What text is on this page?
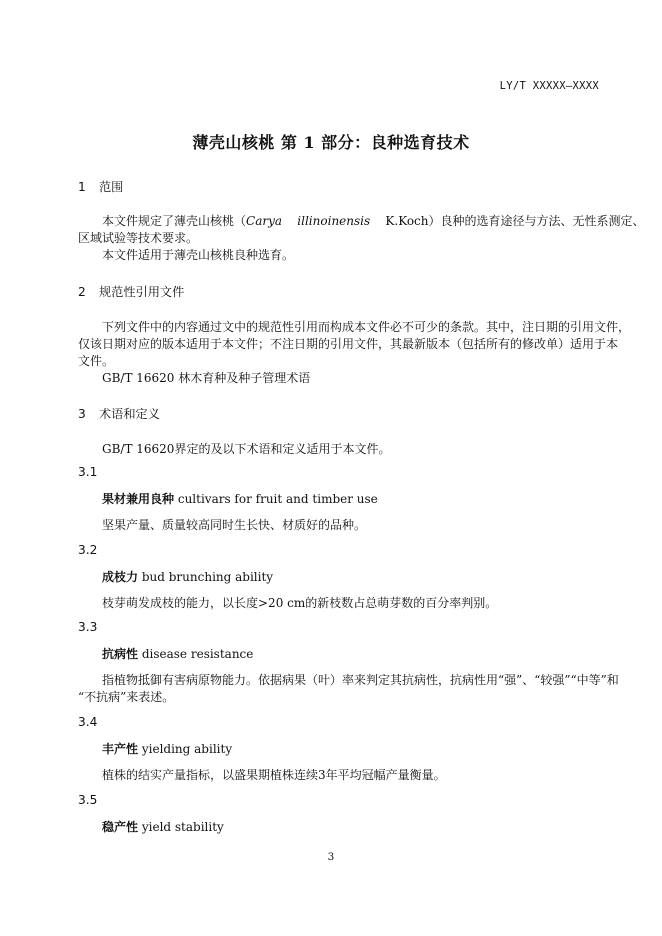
LY/T XXXXX—XXXX
薄壳山核桃 第 1 部分：良种选育技术
1 范围
本文件规定了薄壳山核桃（Carya illinoinensis    K.Koch）良种的选育途径与方法、无性系测定、
区域试验等技术要求。
本文件适用于薄壳山核桃良种选育。
2 规范性引用文件
下列文件中的内容通过文中的规范性引用而构成本文件必不可少的条款。其中，注日期的引用文件，
仅该日期对应的版本适用于本文件；不注日期的引用文件，其最新版本（包括所有的修改单）适用于本
文件。
GB/T 16620 林木育种及种子管理术语
3 术语和定义
GB/T 16620界定的及以下术语和定义适用于本文件。
3.1
果材兼用良种 cultivars for fruit and timber use
坚果产量、质量较高同时生长快、材质好的品种。
3.2
成枝力 bud brunching ability
枝芽萌发成枝的能力，以长度>20 cm的新枝数占总萌芽数的百分率判别。
3.3
抗病性 disease resistance
指植物抵御有害病原物能力。依据病果（叶）率来判定其抗病性，抗病性用“强”、“较强”“中等”和
“不抗病”来表述。
3.4
丰产性 yielding ability
植株的结实产量指标，以盛果期植株连续3年平均冠幅产量衡量。
3.5
稳产性 yield stability
3
